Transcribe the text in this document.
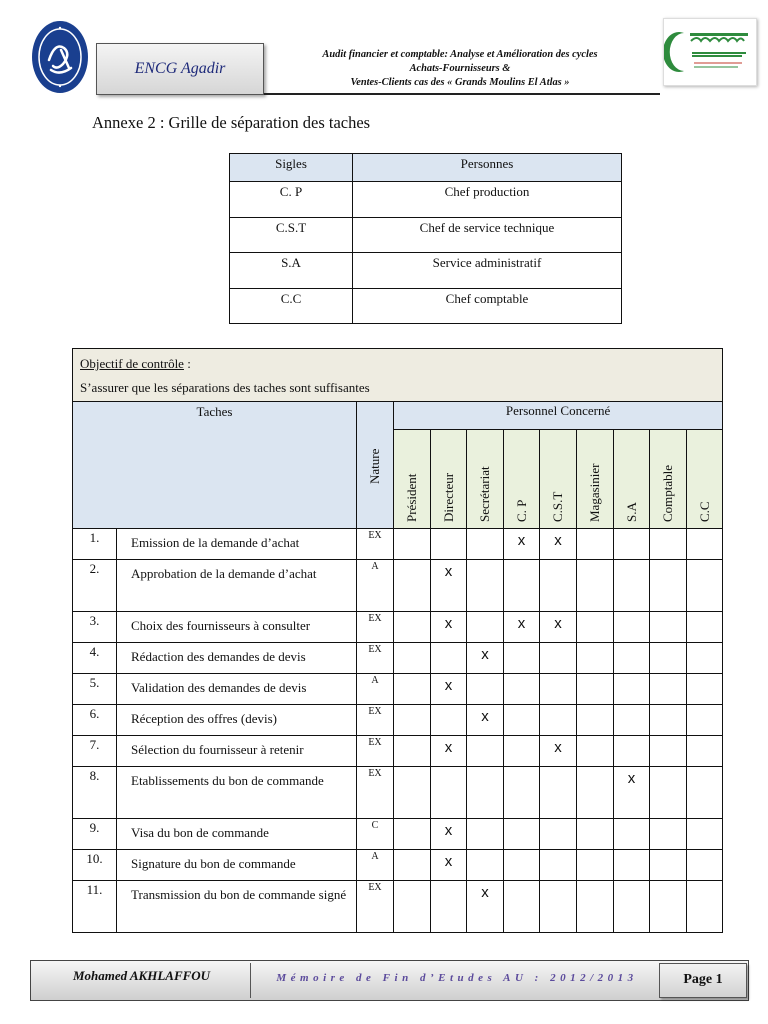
ENCG Agadir
Audit financier et comptable: Analyse et Amélioration des cycles
Achats-Fournisseurs &
Ventes-Clients cas des « Grands Moulins El Atlas »
Annexe 2 : Grille de séparation des taches
Sigles	Personnes
C. P	Chef production
C.S.T	Chef de service technique
S.A	Service administratif
C.C	Chef comptable
Objectif de contrôle :
S’assurer que les séparations des taches sont suffisantes											

Taches		Nature	Personnel Concerné								

			Président	Directeur	Secrétariat	C. P	C.S.T	Magasinier	S.A	Comptable	C.C

1.	Emission de la demande d’achat	EX				x	x				
2.	Approbation de la demande d’achat	A		x							
3.	Choix des fournisseurs à consulter	EX		x		x	x				
4.	Rédaction des demandes de devis	EX			x						
5.	Validation des demandes de devis	A		x							
6.	Réception des offres (devis)	EX			x						
7.	Sélection du fournisseur à retenir	EX		x			x				
8.	Etablissements du bon de commande	EX							x		
9.	Visa du bon de commande	C		x							
10.	Signature du bon de commande	A		x							
11.	Transmission du bon de commande signé	EX			x						
Mohamed AKHLAFFOU	Mémoire de Fin d’Etudes AU : 2012/2013	Page 1
